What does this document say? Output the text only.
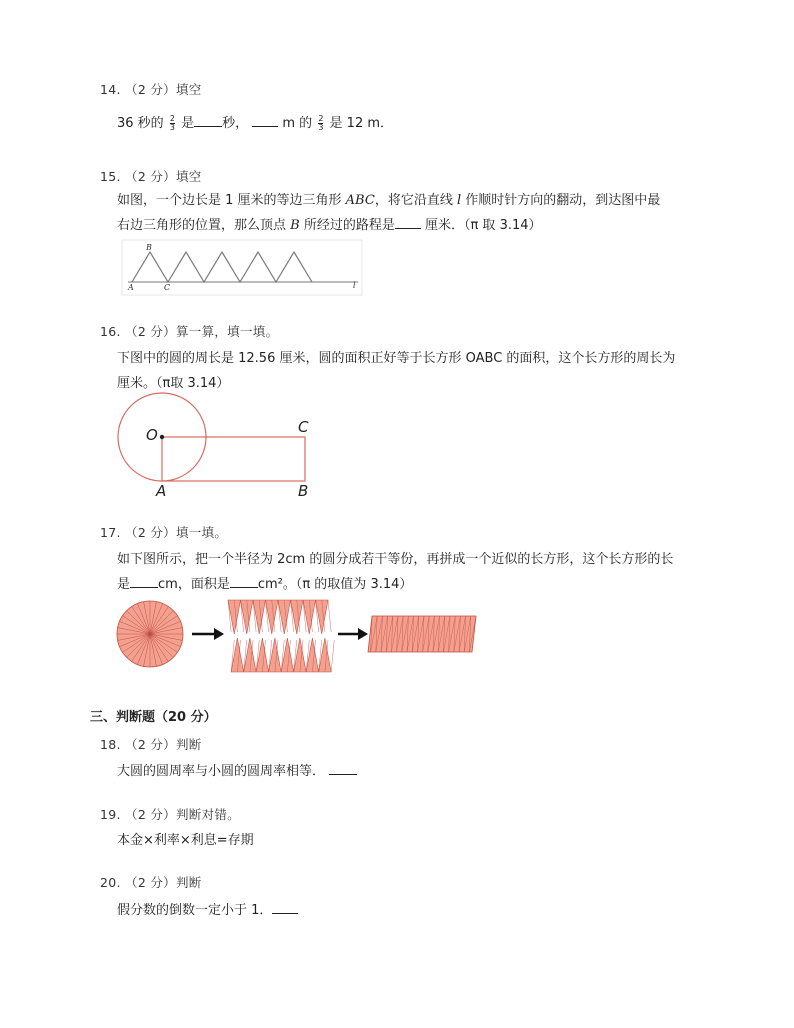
14. （2 分）填空
36 秒的 $\frac{2}{3}$ 是 秒，	m 的 $\frac{2}{3}$ 是 12 m．
15. （2 分）填空
如图，一个边长是 1 厘米的等边三角形 ABC，将它沿直线 l 作顺时针方向的翻动，到达图中最
右边三角形的位置，那么顶点 B 所经过的路程是 厘米．（π 取 3.14）
A
B
C	l
16. （2 分）算一算，填一填。
下图中的圆的周长是 12.56 厘米，圆的面积正好等于长方形 OABC 的面积，这个长方形的周长为
厘米。（π取 3.14）
O
A	B
C
17. （2 分）填一填。
如下图所示，把一个半径为 2cm 的圆分成若干等份，再拼成一个近似的长方形，这个长方形的长
是 cm，面积是 cm²。（π 的取值为 3.14）
三、判断题（20 分）
18. （2 分）判断
大圆的圆周率与小圆的圆周率相等．
19. （2 分）判断对错。
本金×利率×利息=存期
20. （2 分）判断
假分数的倒数一定小于 1．
